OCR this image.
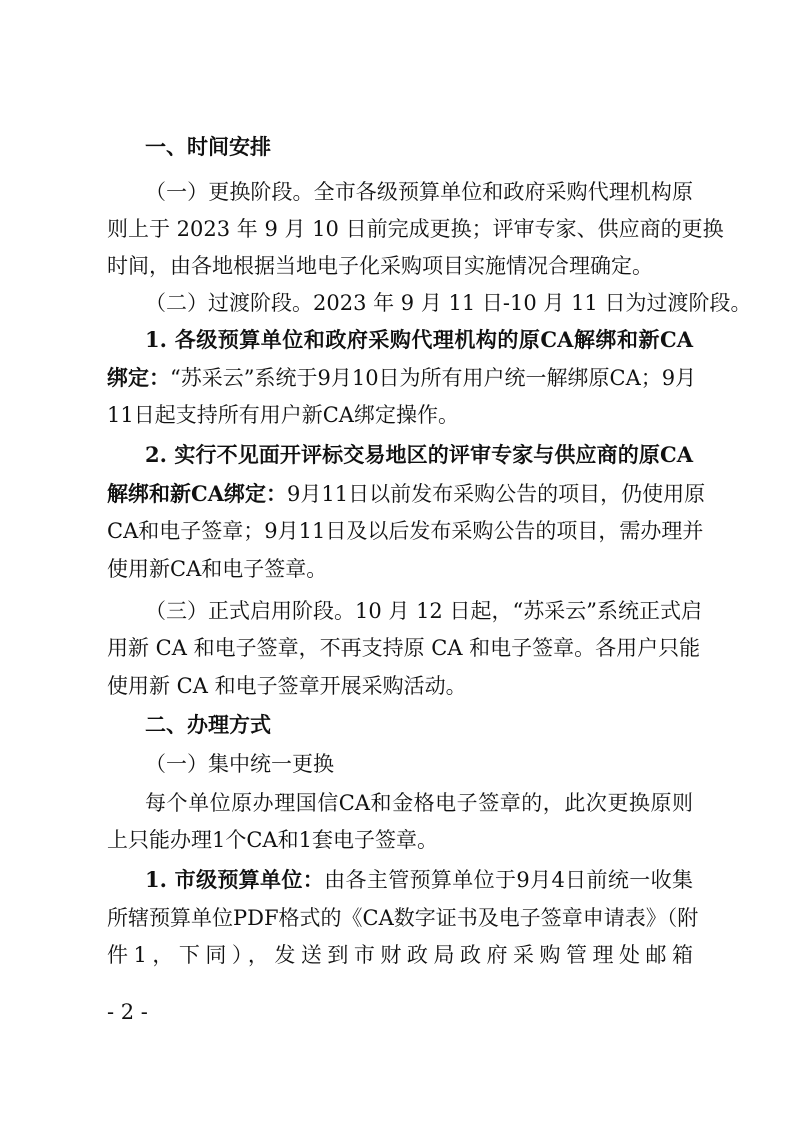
一、时间安排
（一）更换阶段。全市各级预算单位和政府采购代理机构原
则上于 2023 年 9 月 10 日前完成更换；评审专家、供应商的更换
时间，由各地根据当地电子化采购项目实施情况合理确定。
（二）过渡阶段。2023 年 9 月 11 日-10 月 11 日为过渡阶段。
1. 各级预算单位和政府采购代理机构的原CA解绑和新CA
绑定：“苏采云”系统于9月10日为所有用户统一解绑原CA；9月
11日起支持所有用户新CA绑定操作。
2. 实行不见面开评标交易地区的评审专家与供应商的原CA
解绑和新CA绑定：9月11日以前发布采购公告的项目，仍使用原
CA和电子签章；9月11日及以后发布采购公告的项目，需办理并
使用新CA和电子签章。
（三）正式启用阶段。10 月 12 日起，“苏采云”系统正式启
用新 CA 和电子签章，不再支持原 CA 和电子签章。各用户只能
使用新 CA 和电子签章开展采购活动。
二、办理方式
（一）集中统一更换
每个单位原办理国信CA和金格电子签章的，此次更换原则
上只能办理1个CA和1套电子签章。
1. 市级预算单位：由各主管预算单位于9月4日前统一收集
所辖预算单位PDF格式的《CA数字证书及电子签章申请表》（附
件1，下同），发送到市财政局政府采购管理处邮箱
- 2 -
